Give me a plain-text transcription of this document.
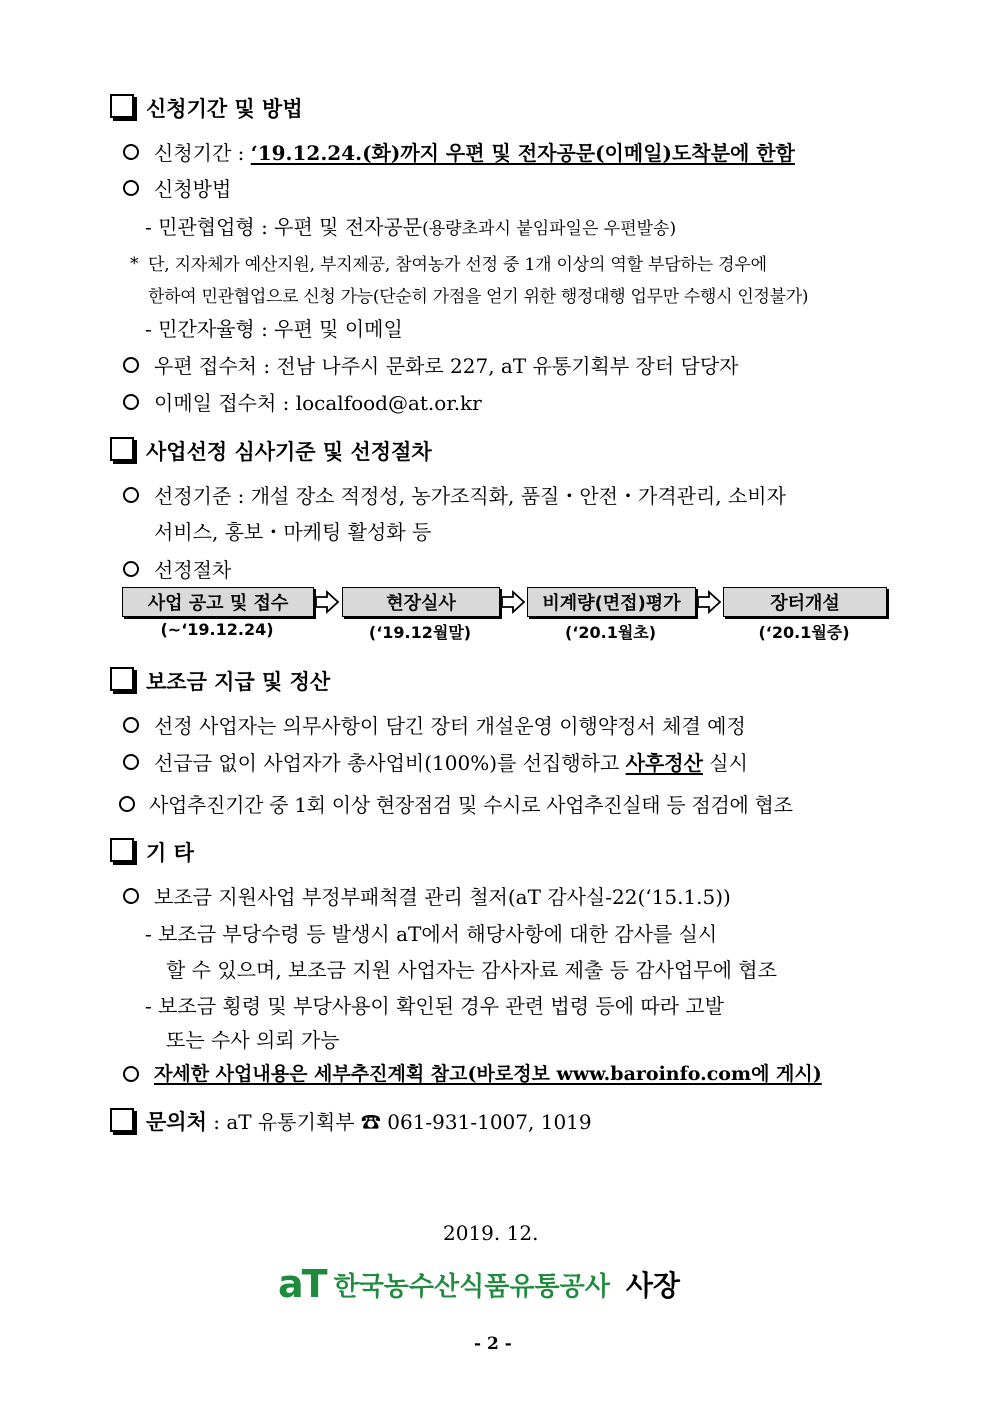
신청기간 및 방법
신청기간 : ‘19.12.24.(화)까지 우편 및 전자공문(이메일)도착분에 한함
신청방법
- 민관협업형 : 우편 및 전자공문(용량초과시 붙임파일은 우편발송)
* 단, 지자체가 예산지원, 부지제공, 참여농가 선정 중 1개 이상의 역할 부담하는 경우에
한하여 민관협업으로 신청 가능(단순히 가점을 얻기 위한 행정대행 업무만 수행시 인정불가)
- 민간자율형 : 우편 및 이메일
우편 접수처 : 전남 나주시 문화로 227, aT 유통기획부 장터 담당자
이메일 접수처 : localfood@at.or.kr
사업선정 심사기준 및 선정절차
선정기준 : 개설 장소 적정성, 농가조직화, 품질・안전・가격관리, 소비자
서비스, 홍보・마케팅 활성화 등
선정절차
사업 공고 및 접수	현장실사	비계량(면접)평가	장터개설
(~‘19.12.24)	(‘19.12월말)	(‘20.1월초)	(‘20.1월중)
보조금 지급 및 정산
선정 사업자는 의무사항이 담긴 장터 개설운영 이행약정서 체결 예정
선급금 없이 사업자가 총사업비(100%)를 선집행하고 사후정산 실시
사업추진기간 중 1회 이상 현장점검 및 수시로 사업추진실태 등 점검에 협조
기 타
보조금 지원사업 부정부패척결 관리 철저(aT 감사실-22(‘15.1.5))
- 보조금 부당수령 등 발생시 aT에서 해당사항에 대한 감사를 실시
할 수 있으며, 보조금 지원 사업자는 감사자료 제출 등 감사업무에 협조
- 보조금 횡령 및 부당사용이 확인된 경우 관련 법령 등에 따라 고발
또는 수사 의뢰 가능
자세한 사업내용은 세부추진계획 참고(바로정보 www.baroinfo.com에 게시)
문의처 : aT 유통기획부 ☎ 061-931-1007, 1019
2019. 12.
aT 한국농수산식품유통공사 사장
- 2 -
